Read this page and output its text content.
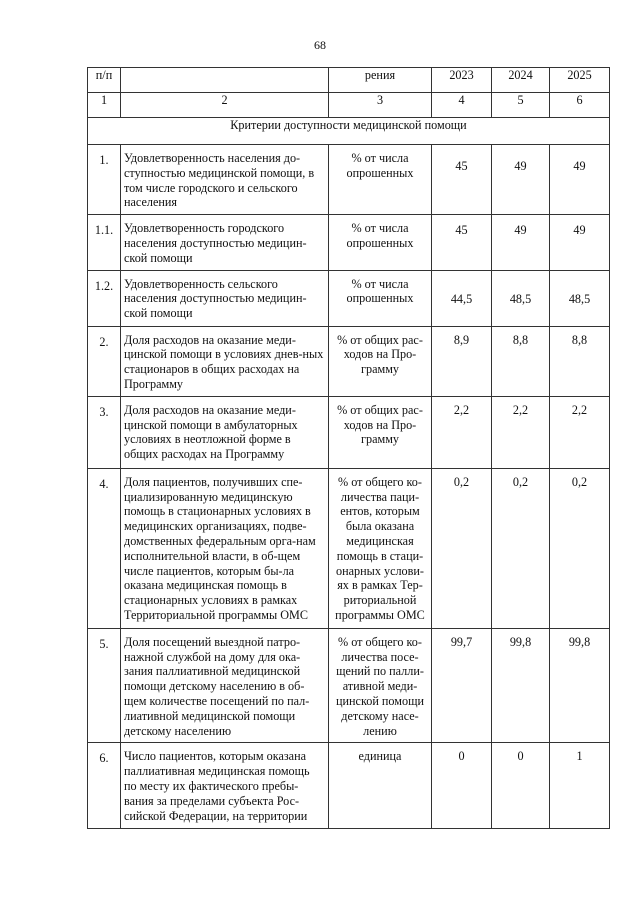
68
п/п		рения	2023	2024	2025
1	2	3	4	5	6
Критерии доступности медицинской помощи					
1.	Удовлетворенность населения до-ступностью медицинской помощи, в том числе городского и сельского населения	% от числа опрошенных	45	49	49
1.1.	Удовлетворенность городского населения доступностью медицин-ской помощи	% от числа опрошенных	45	49	49
1.2.	Удовлетворенность сельского населения доступностью медицин-ской помощи	% от числа опрошенных	44,5	48,5	48,5
2.	Доля расходов на оказание меди-цинской помощи в условиях днев-ных стационаров в общих расходах на Программу	% от общих рас-ходов на Про-грамму	8,9	8,8	8,8
3.	Доля расходов на оказание меди-цинской помощи в амбулаторных условиях в неотложной форме в общих расходах на Программу	% от общих рас-ходов на Про-грамму	2,2	2,2	2,2
4.	Доля пациентов, получивших спе-циализированную медицинскую помощь в стационарных условиях в медицинских организациях, подве-домственных федеральным орга-нам исполнительной власти, в об-щем числе пациентов, которым бы-ла оказана медицинская помощь в стационарных условиях в рамках Территориальной программы ОМС	% от общего ко-личества паци-ентов, которым была оказана медицинская помощь в стаци-онарных услови-ях в рамках Тер-риториальной программы ОМС	0,2	0,2	0,2
5.	Доля посещений выездной патро-нажной службой на дому для ока-зания паллиативной медицинской помощи детскому населению в об-щем количестве посещений по пал-лиативной медицинской помощи детскому населению	% от общего ко-личества посе-щений по палли-ативной меди-цинской помощи детскому насе-лению	99,7	99,8	99,8
6.	Число пациентов, которым оказана паллиативная медицинская помощь по месту их фактического пребы-вания за пределами субъекта Рос-сийской Федерации, на территории	единица	0	0	1
